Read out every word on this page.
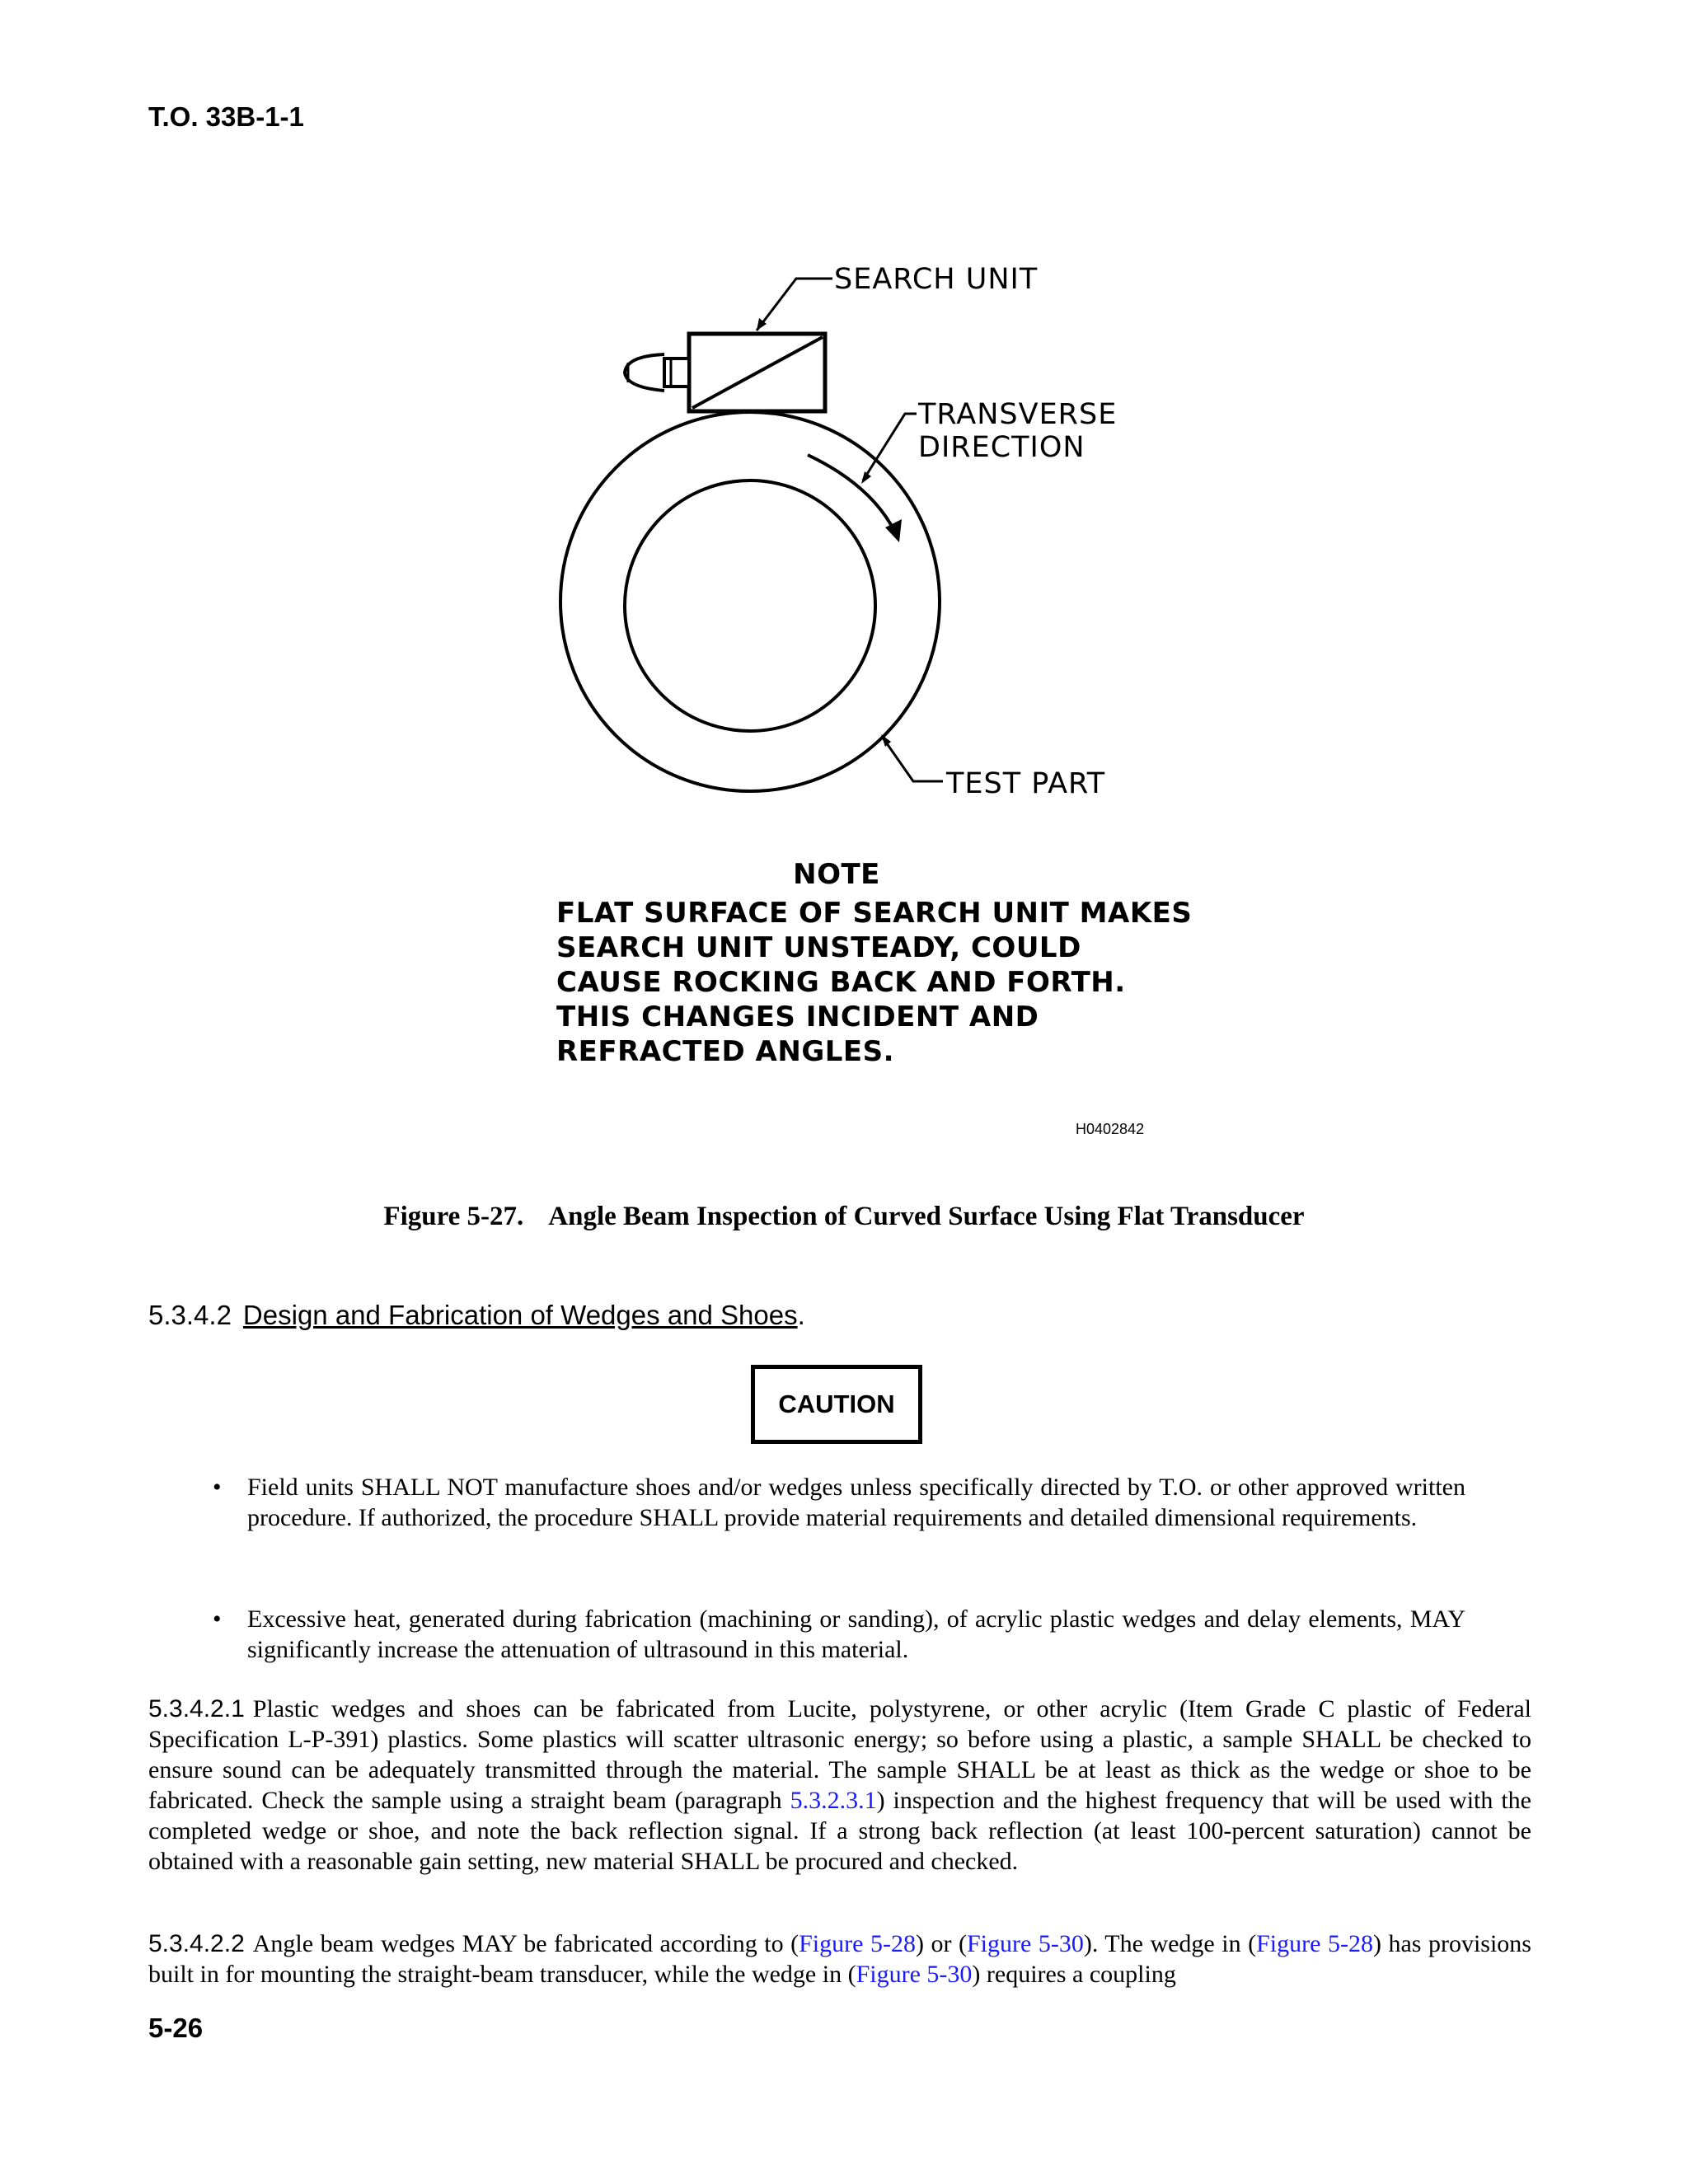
T.O. 33B-1-1
SEARCH UNIT
TRANSVERSE
DIRECTION
TEST PART
NOTE
FLAT SURFACE OF SEARCH UNIT MAKES
SEARCH UNIT UNSTEADY, COULD
CAUSE ROCKING BACK AND FORTH.
THIS CHANGES INCIDENT AND
REFRACTED ANGLES.
H0402842
Figure 5-27. Angle Beam Inspection of Curved Surface Using Flat Transducer
5.3.4.2 Design and Fabrication of Wedges and Shoes.
CAUTION
• Field units SHALL NOT manufacture shoes and/or wedges unless specifically directed by T.O. or other approved written procedure. If authorized, the procedure SHALL provide material requirements and detailed dimensional requirements.
• Excessive heat, generated during fabrication (machining or sanding), of acrylic plastic wedges and delay elements, MAY significantly increase the attenuation of ultrasound in this material.
5.3.4.2.1 Plastic wedges and shoes can be fabricated from Lucite, polystyrene, or other acrylic (Item Grade C plastic of Federal Specification L-P-391) plastics. Some plastics will scatter ultrasonic energy; so before using a plastic, a sample SHALL be checked to ensure sound can be adequately transmitted through the material. The sample SHALL be at least as thick as the wedge or shoe to be fabricated. Check the sample using a straight beam (paragraph 5.3.2.3.1) inspection and the highest frequency that will be used with the completed wedge or shoe, and note the back reflection signal. If a strong back reflection (at least 100-percent saturation) cannot be obtained with a reasonable gain setting, new material SHALL be procured and checked.
5.3.4.2.2 Angle beam wedges MAY be fabricated according to (Figure 5-28) or (Figure 5-30). The wedge in (Figure 5-28) has provisions built in for mounting the straight-beam transducer, while the wedge in (Figure 5-30) requires a coupling
5-26
